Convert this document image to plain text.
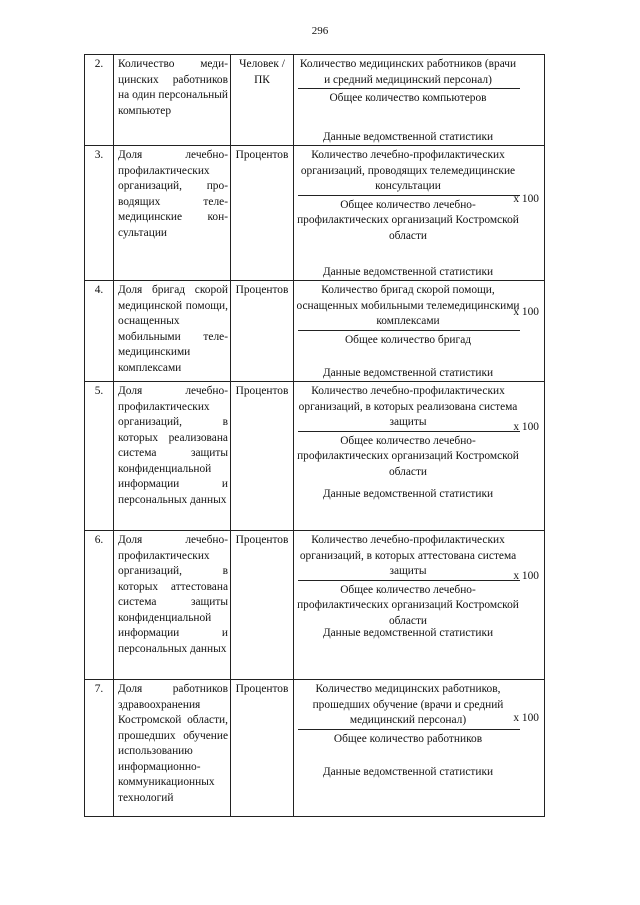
296
2.	Количество медицинских работников на один персональный компьютер	Человек / ПК	Количество медицинских работников (врачи и средний медицинский персонал)
Общее количество компьютеров
Данные ведомственной статистики

3.	Доля лечебно-профилактических организаций, проводящих телемедицинские консультации	Процентов	Количество лечебно-профилактических организаций, проводящих телемедицинские консультации
Общее количество лечебно-профилактических организаций Костромской области
х 100
Данные ведомственной статистики

4.	Доля бригад скорой медицинской помощи, оснащенных мобильными телемедицинскими комплексами	Процентов	Количество бригад скорой помощи, оснащенных мобильными телемедицинскими комплексами
Общее количество бригад
х 100
Данные ведомственной статистики

5.	Доля лечебно-профилактических организаций, в которых реализована система защиты конфиденциальной информации и персональных данных	Процентов	Количество лечебно-профилактических организаций, в которых реализована система защиты
Общее количество лечебно-профилактических организаций Костромской области
х 100
Данные ведомственной статистики

6.	Доля лечебно-профилактических организаций, в которых аттестована система защиты конфиденциальной информации и персональных данных	Процентов	Количество лечебно-профилактических организаций, в которых аттестована система защиты
Общее количество лечебно-профилактических организаций Костромской области
х 100
Данные ведомственной статистики

7.	Доля работников здравоохранения Костромской области, прошедших обучение использованию информационно-коммуникационных технологий	Процентов	Количество медицинских работников, прошедших обучение (врачи и средний медицинский персонал)
Общее количество работников
х 100
Данные ведомственной статистики
